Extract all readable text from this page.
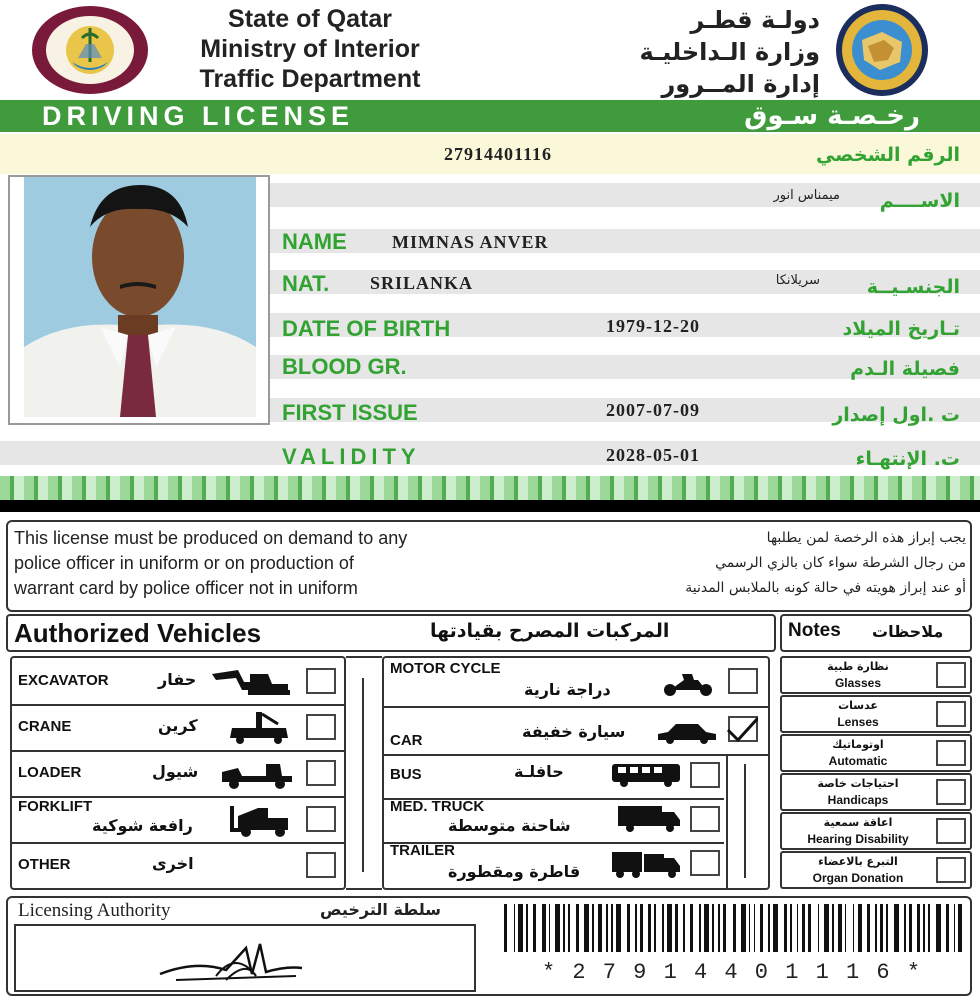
State of Qatar
Ministry of Interior
Traffic Department
دولـة قطـر
وزارة الـداخليـة
إدارة المــرور
DRIVING LICENSE	رخـصـة سـوق
27914401116	الرقم الشخصي
ميمناس انور	الاســــم
NAME	MIMNAS ANVER
NAT. SRILANKA	سريلانكا	الجنسـيــة
DATE OF BIRTH	1979-12-20	تـاريخ الميلاد
BLOOD GR.	فصيلة الـدم
FIRST ISSUE	2007-07-09	ت .اول إصدار
VALIDITY	2028-05-01	ت. الإنتهـاء
This license must be produced on demand to any
police officer in uniform or on production of
warrant card by police officer not in uniform
يجب إبراز هذه الرخصة لمن يطلبها
من رجال الشرطة سواء كان بالزي الرسمي
أو عند إبراز هويته في حالة كونه بالملابس المدنية
Authorized Vehicles	المركبات المصرح بقيادتها	Notes ملاحظات
EXCAVATOR	حفار
CRANE	كرين
LOADER	شيول
FORKLIFT
رافعة شوكية
OTHER	اخرى
MOTOR CYCLE
دراجة نارية
CAR	سيارة خفيفة
BUS	حافلـة
MED. TRUCK
شاحنة متوسطة
TRAILER
قاطرة ومقطورة
نظارة طبية
Glasses
عدسات
Lenses
اوتوماتيك
Automatic
احتياجات خاصة
Handicaps
اعاقة سمعية
Hearing Disability
التبرع بالاعضاء
Organ Donation
Licensing Authority	سلطة الترخيص
* 2 7 9 1 4 4 0 1 1 1 6 *
